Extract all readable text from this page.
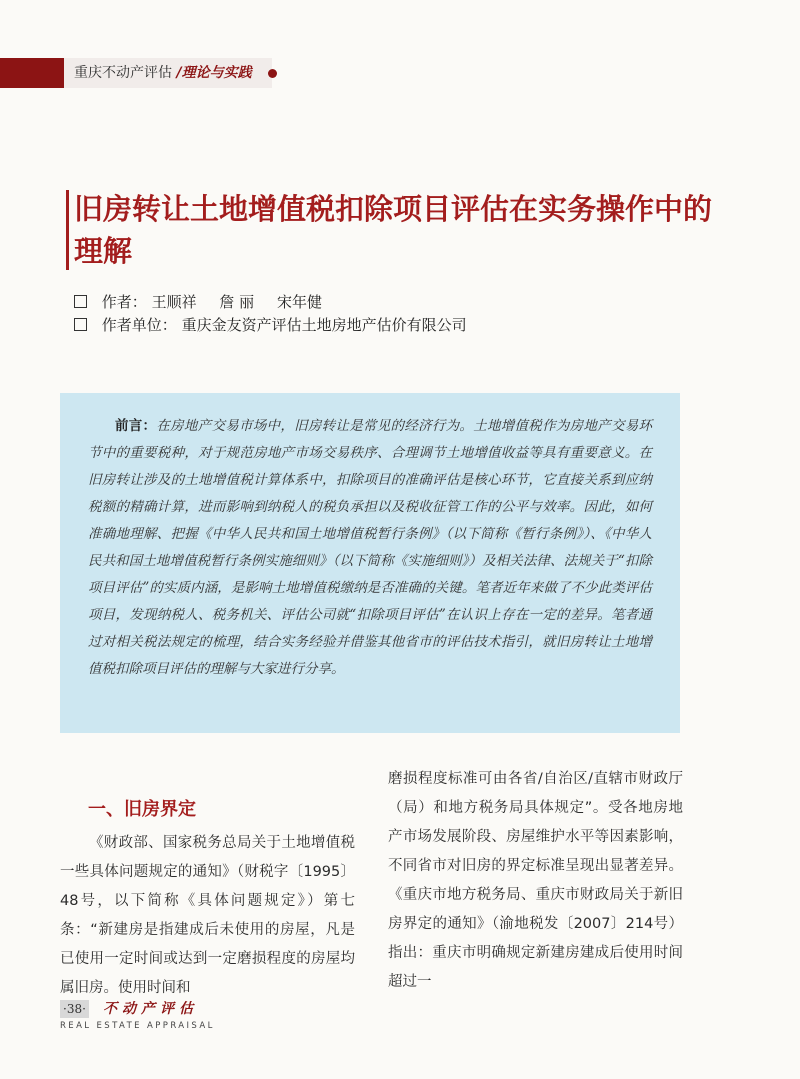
重庆不动产评估 /理论与实践
旧房转让土地增值税扣除项目评估在实务操作中的理解
作者： 王顺祥 詹 丽 宋年健
作者单位： 重庆金友资产评估土地房地产估价有限公司

前言：在房地产交易市场中，旧房转让是常见的经济行为。土地增值税作为房地产交易环节中的重要税种，对于规范房地产市场交易秩序、合理调节土地增值收益等具有重要意义。在旧房转让涉及的土地增值税计算体系中，扣除项目的准确评估是核心环节，它直接关系到应纳税额的精确计算，进而影响到纳税人的税负承担以及税收征管工作的公平与效率。因此，如何准确地理解、把握《中华人民共和国土地增值税暂行条例》（以下简称《暂行条例》）、《中华人民共和国土地增值税暂行条例实施细则》（以下简称《实施细则》）及相关法律、法规关于“扣除项目评估”的实质内涵，是影响土地增值税缴纳是否准确的关键。笔者近年来做了不少此类评估项目，发现纳税人、税务机关、评估公司就“扣除项目评估”在认识上存在一定的差异。笔者通过对相关税法规定的梳理，结合实务经验并借鉴其他省市的评估技术指引，就旧房转让土地增值税扣除项目评估的理解与大家进行分享。

一、旧房界定

《财政部、国家税务总局关于土地增值税一些具体问题规定的通知》（财税字〔1995〕48号，以下简称《具体问题规定》）第七条：“新建房是指建成后未使用的房屋，凡是已使用一定时间或达到一定磨损程度的房屋均属旧房。使用时间和

磨损程度标准可由各省/自治区/直辖市财政厅（局）和地方税务局具体规定”。受各地房地产市场发展阶段、房屋维护水平等因素影响，不同省市对旧房的界定标准呈现出显著差异。《重庆市地方税务局、重庆市财政局关于新旧房界定的通知》（渝地税发〔2007〕214号）指出：重庆市明确规定新建房建成后使用时间超过一

·38· 不动产评估
REAL ESTATE APPRAISAL
